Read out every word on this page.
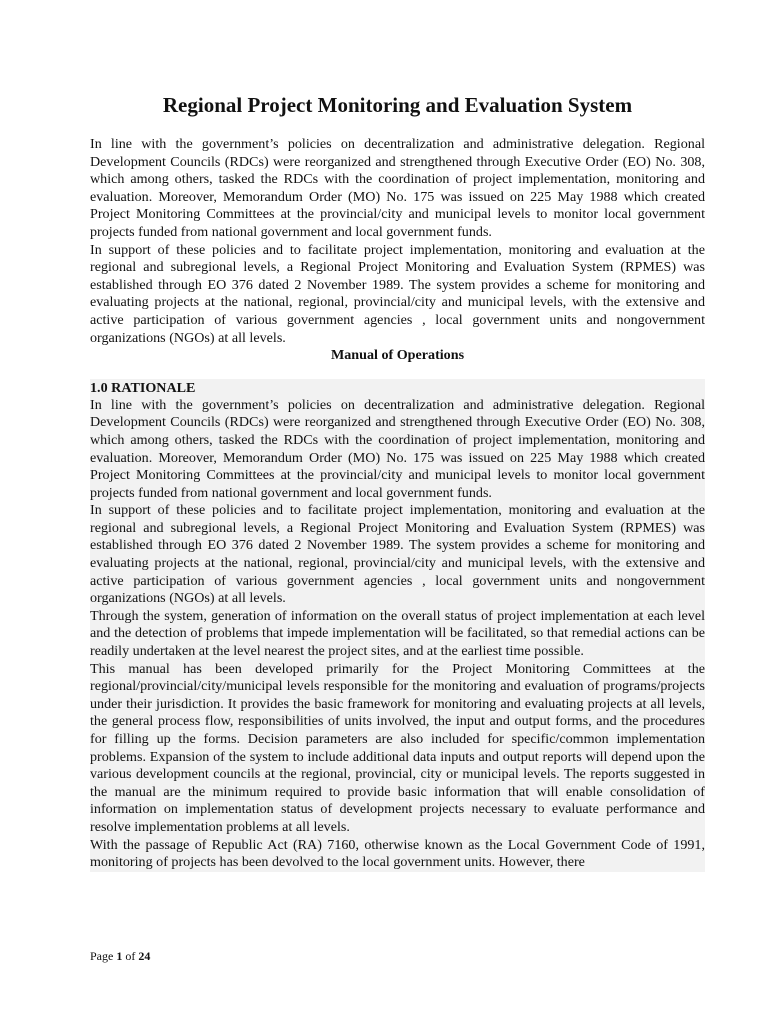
Regional Project Monitoring and Evaluation System

In line with the government’s policies on decentralization and administrative delegation. Regional Development Councils (RDCs) were reorganized and strengthened through Executive Order (EO) No. 308, which among others, tasked the RDCs with the coordination of project implementation, monitoring and evaluation. Moreover, Memorandum Order (MO) No. 175 was issued on 225 May 1988 which created Project Monitoring Committees at the provincial/city and municipal levels to monitor local government projects funded from national government and local government funds.

In support of these policies and to facilitate project implementation, monitoring and evaluation at the regional and subregional levels, a Regional Project Monitoring and Evaluation System (RPMES) was established through EO 376 dated 2 November 1989. The system provides a scheme for monitoring and evaluating projects at the national, regional, provincial/city and municipal levels, with the extensive and active participation of various government agencies , local government units and nongovernment organizations (NGOs) at all levels.

Manual of Operations

1.0 RATIONALE

In line with the government’s policies on decentralization and administrative delegation. Regional Development Councils (RDCs) were reorganized and strengthened through Executive Order (EO) No. 308, which among others, tasked the RDCs with the coordination of project implementation, monitoring and evaluation. Moreover, Memorandum Order (MO) No. 175 was issued on 225 May 1988 which created Project Monitoring Committees at the provincial/city and municipal levels to monitor local government projects funded from national government and local government funds.

In support of these policies and to facilitate project implementation, monitoring and evaluation at the regional and subregional levels, a Regional Project Monitoring and Evaluation System (RPMES) was established through EO 376 dated 2 November 1989. The system provides a scheme for monitoring and evaluating projects at the national, regional, provincial/city and municipal levels, with the extensive and active participation of various government agencies , local government units and nongovernment organizations (NGOs) at all levels.

Through the system, generation of information on the overall status of project implementation at each level and the detection of problems that impede implementation will be facilitated, so that remedial actions can be readily undertaken at the level nearest the project sites, and at the earliest time possible.

This manual has been developed primarily for the Project Monitoring Committees at the regional/provincial/city/municipal levels responsible for the monitoring and evaluation of programs/projects under their jurisdiction. It provides the basic framework for monitoring and evaluating projects at all levels, the general process flow, responsibilities of units involved, the input and output forms, and the procedures for filling up the forms. Decision parameters are also included for specific/common implementation problems. Expansion of the system to include additional data inputs and output reports will depend upon the various development councils at the regional, provincial, city or municipal levels. The reports suggested in the manual are the minimum required to provide basic information that will enable consolidation of information on implementation status of development projects necessary to evaluate performance and resolve implementation problems at all levels.

With the passage of Republic Act (RA) 7160, otherwise known as the Local Government Code of 1991, monitoring of projects has been devolved to the local government units. However, there

Page 1 of 24
